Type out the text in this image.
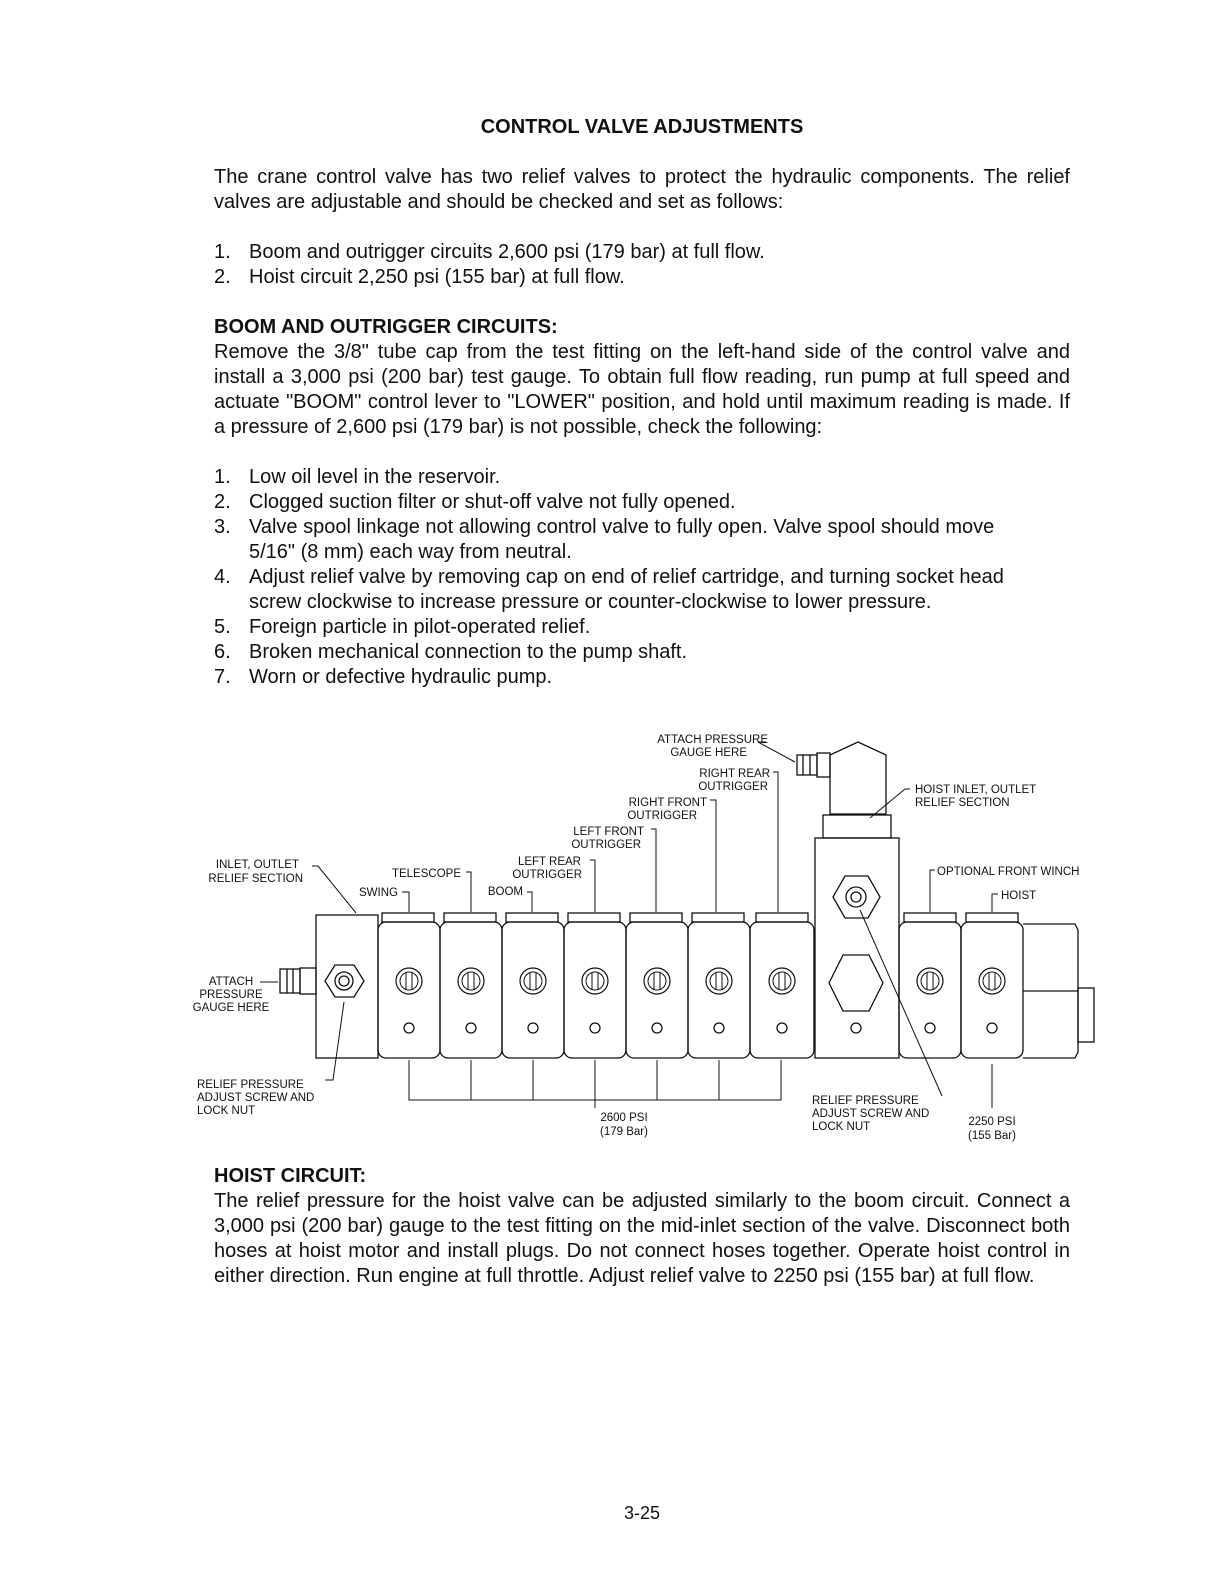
CONTROL VALVE ADJUSTMENTS

The crane control valve has two relief valves to protect the hydraulic components. The relief valves are adjustable and should be checked and set as follows:

1. Boom and outrigger circuits 2,600 psi (179 bar) at full flow.
2. Hoist circuit 2,250 psi (155 bar) at full flow.
BOOM AND OUTRIGGER CIRCUITS:
Remove the 3/8" tube cap from the test fitting on the left-hand side of the control valve and install a 3,000 psi (200 bar) test gauge. To obtain full flow reading, run pump at full speed and actuate "BOOM" control lever to "LOWER" position, and hold until maximum reading is made. If a pressure of 2,600 psi (179 bar) is not possible, check the following:
1. Low oil level in the reservoir.
2. Clogged suction filter or shut-off valve not fully opened.
3. Valve spool linkage not allowing control valve to fully open. Valve spool should move 5/16" (8 mm) each way from neutral.
4. Adjust relief valve by removing cap on end of relief cartridge, and turning socket head screw clockwise to increase pressure or counter-clockwise to lower pressure.
5. Foreign particle in pilot-operated relief.
6. Broken mechanical connection to the pump shaft.
7. Worn or defective hydraulic pump.
ATTACH PRESSURE
GAUGE HERE
RIGHT REAR
OUTRIGGER	HOIST INLET, OUTLET
RELIEF SECTION
RIGHT FRONT
OUTRIGGER
LEFT FRONT
OUTRIGGER
INLET, OUTLET
RELIEF SECTION	TELESCOPE
LEFT REAR
OUTRIGGER	OPTIONAL FRONT WINCH
SWING	BOOM	HOIST
ATTACH
PRESSURE
GAUGE HERE
RELIEF PRESSURE
ADJUST SCREW AND
LOCK NUT
RELIEF PRESSURE
ADJUST SCREW AND
LOCK NUT
2600 PSI
(179 Bar)
2250 PSI
(155 Bar)
HOIST CIRCUIT:
The relief pressure for the hoist valve can be adjusted similarly to the boom circuit. Connect a 3,000 psi (200 bar) gauge to the test fitting on the mid-inlet section of the valve. Disconnect both hoses at hoist motor and install plugs. Do not connect hoses together. Operate hoist control in either direction. Run engine at full throttle. Adjust relief valve to 2250 psi (155 bar) at full flow.
3-25
